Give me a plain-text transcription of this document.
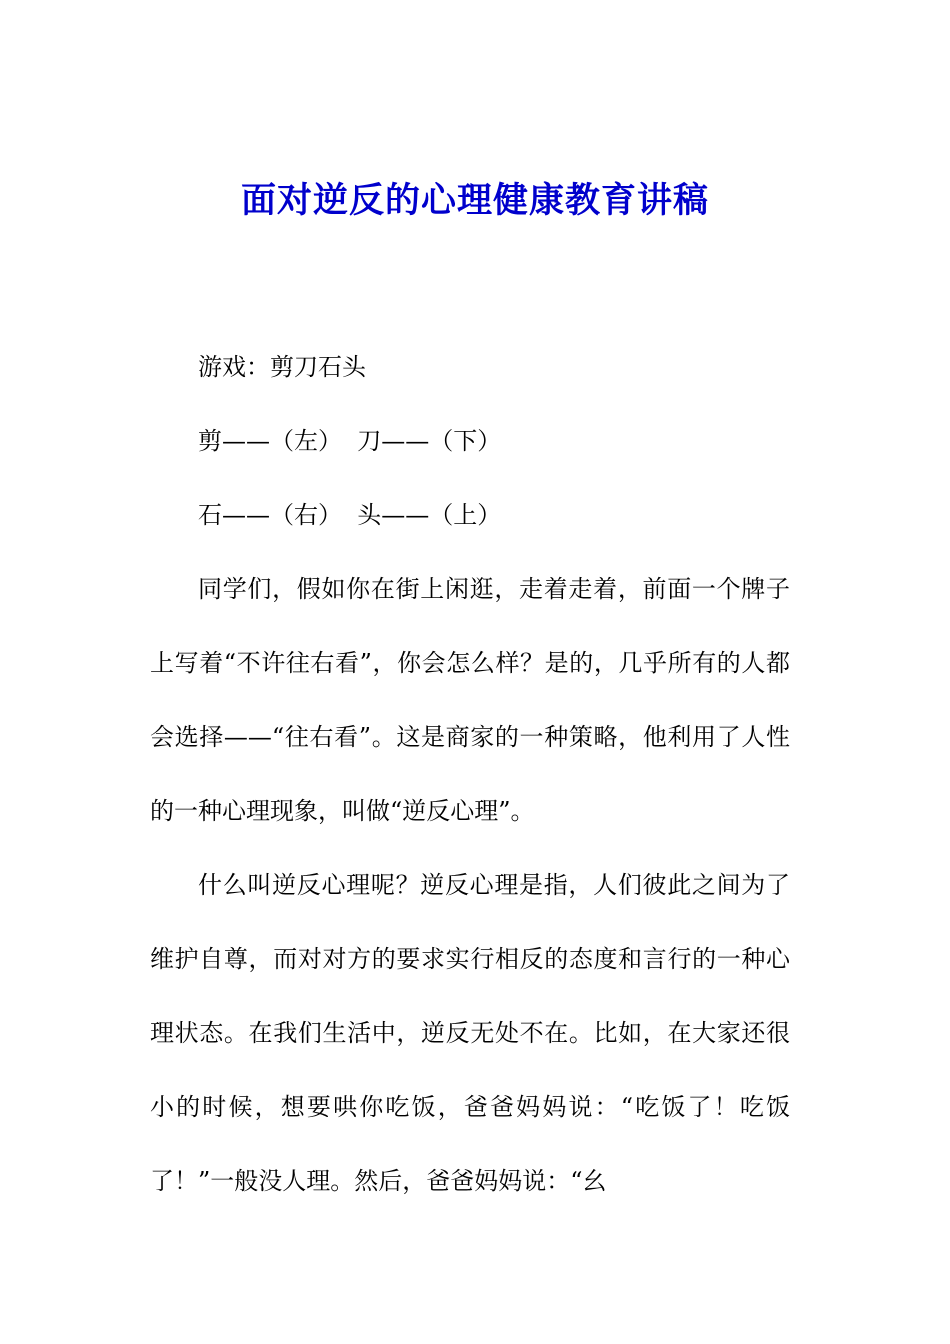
面对逆反的心理健康教育讲稿

游戏：剪刀石头

剪——（左）  刀——（下）

石——（右）  头——（上）

同学们，假如你在街上闲逛，走着走着，前面一个牌子上写着“不许往右看”，你会怎么样？是的，几乎所有的人都会选择——“往右看”。这是商家的一种策略，他利用了人性的一种心理现象，叫做“逆反心理”。

什么叫逆反心理呢？逆反心理是指，人们彼此之间为了维护自尊，而对对方的要求实行相反的态度和言行的一种心理状态。在我们生活中，逆反无处不在。比如，在大家还很小的时候，想要哄你吃饭，爸爸妈妈说：“吃饭了！吃饭了！”一般没人理。然后，爸爸妈妈说：“幺
